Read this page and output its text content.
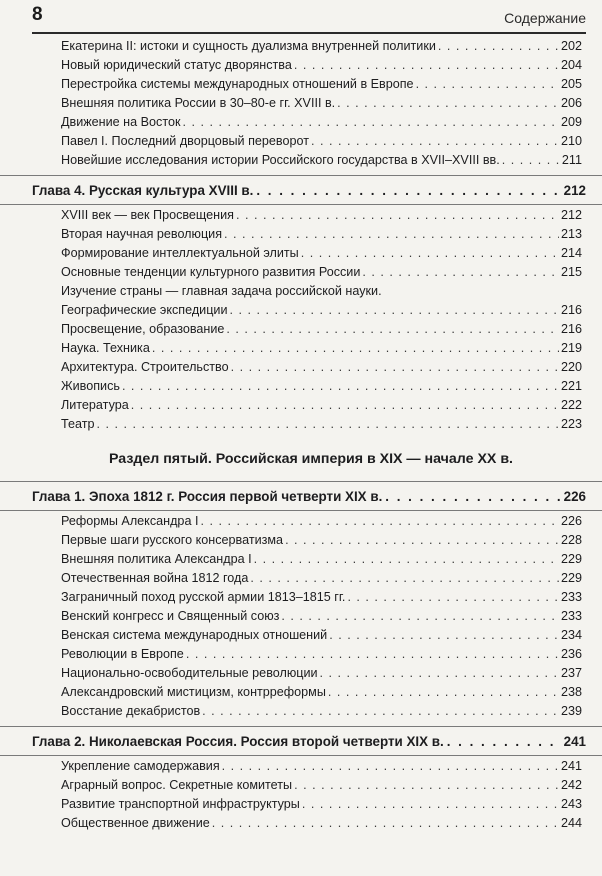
8	Содержание
Екатерина II: истоки и сущность дуализма внутренней политики . . .	202
Новый юридический статус дворянства . . .	204
Перестройка системы международных отношений в Европе . . .	205
Внешняя политика России в 30–80-е гг. XVIII в. . . .	206
Движение на Восток . . .	209
Павел I. Последний дворцовый переворот . . .	210
Новейшие исследования истории Российского государства в XVII–XVIII вв. . . .	211
Глава 4. Русская культура XVIII в. . . .	212
XVIII век — век Просвещения . . .	212
Вторая научная революция . . .	213
Формирование интеллектуальной элиты . . .	214
Основные тенденции культурного развития России . . .	215
Изучение страны — главная задача российской науки.
Географические экспедиции . . .	216
Просвещение, образование . . .	216
Наука. Техника . . .	219
Архитектура. Строительство . . .	220
Живопись . . .	221
Литература . . .	222
Театр . . .	223
Раздел пятый. Российская империя в XIX — начале XX в.
Глава 1. Эпоха 1812 г. Россия первой четверти XIX в. . . .	226
Реформы Александра I . . .	226
Первые шаги русского консерватизма . . .	228
Внешняя политика Александра I . . .	229
Отечественная война 1812 года . . .	229
Заграничный поход русской армии 1813–1815 гг. . . .	233
Венский конгресс и Священный союз . . .	233
Венская система международных отношений . . .	234
Революции в Европе . . .	236
Национально-освободительные революции . . .	237
Александровский мистицизм, контрреформы . . .	238
Восстание декабристов . . .	239
Глава 2. Николаевская Россия. Россия второй четверти XIX в. . . .	241
Укрепление самодержавия . . .	241
Аграрный вопрос. Секретные комитеты . . .	242
Развитие транспортной инфраструктуры . . .	243
Общественное движение . . .	244
